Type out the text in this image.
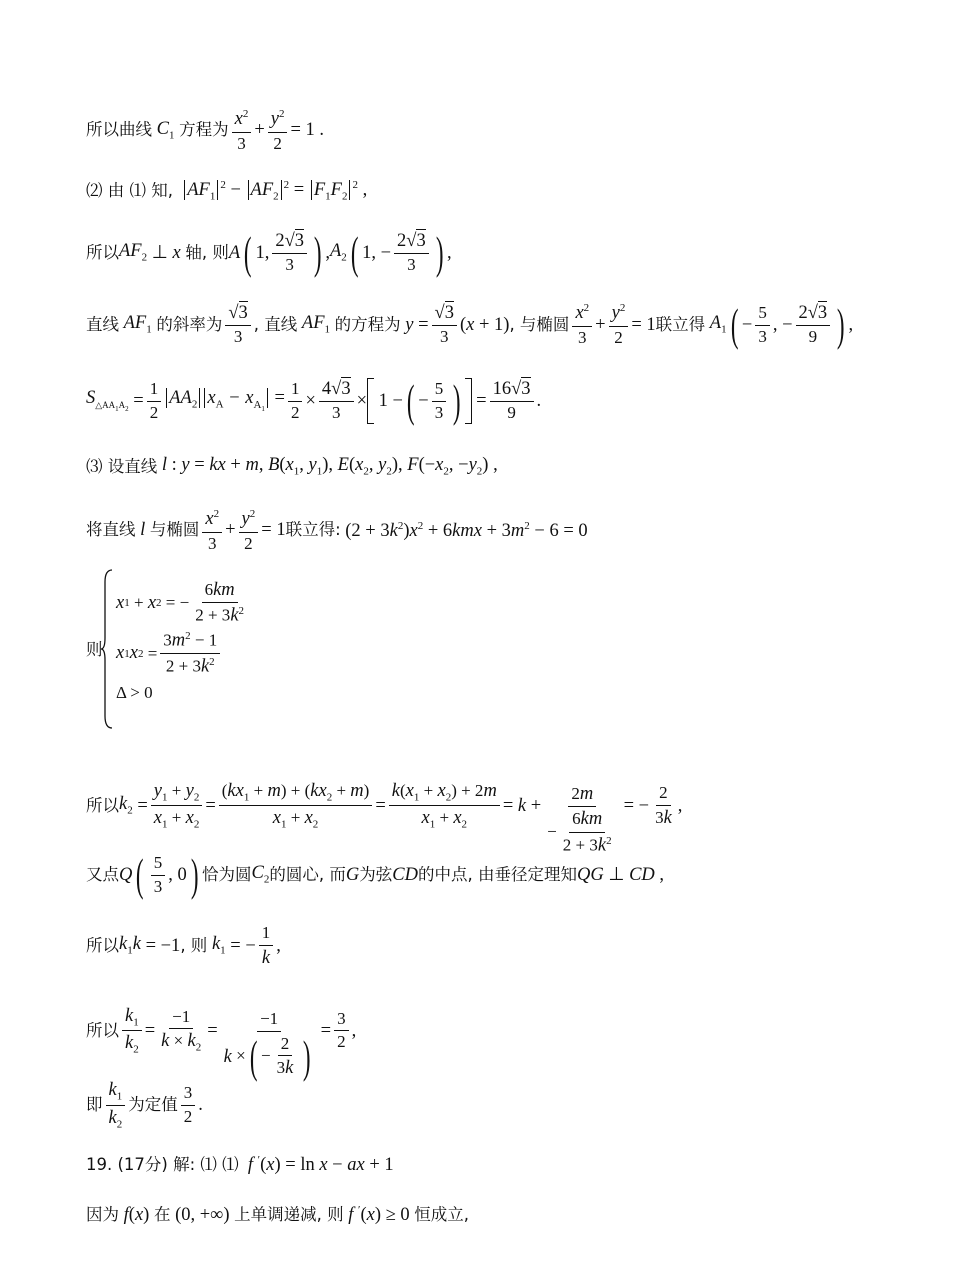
所以曲线 $C_1$ 方程为 $\frac{x^2}{3} + \frac{y^2}{2} = 1$ .
⑵ 由 ⑴ 知, $AF_1^2 - AF_2^2 = F_1F_2^2$ ,
所以 $AF_2$ ⊥ x 轴, 则 A ( 1, $\frac{2√3}{3}$ ) , $A_2$ ( 1, − $\frac{2√3}{3}$ ) ,
直线 $AF_1$ 的斜率为 $\frac{√3}{3}$ , 直线 $AF_1$ 的方程为 $y = \frac{√3}{3} (x + 1)$ , 与椭圆 $\frac{x^2}{3} + \frac{y^2}{2} = 1$ 联立得 $A_1$ ( − $\frac{5}{3}$ , − $\frac{2√3}{9}$ ) ,
$S_{\triangle AA_1A_2} = \frac{1}{2} AA_2$ $x_A - x_{A_1} = \frac{1}{2} \times \frac{4√3}{3} \times 1$ − ( − $\frac{5}{3}$ ) = $\frac{16√3}{9}$ .
⑶ 设直线 l : y = kx + m, $B(x_1$, $y_1$), $E(x_2$, $y_2$), $F(-x_2$, $-y_2$) ,
将直线 l 与椭圆 $\frac{x^2}{3} + \frac{y^2}{2} = 1$ 联立得: $(2 + 3k^2)x^2 + 6kmx + 3m^2 - 6 = 0$
则
x 1 + x 2 = − $\frac{6km}{2 + 3k^2}$
x 1 x $2 = \frac{3m^2 - 1}{2 + 3k^2}$
Δ > 0
所以 $k_2 = \frac{y_1 + y_2}{x_1 + x_2} = \frac{(kx_1 + m) + (kx_2 + m)}{x_1 + x_2} = \frac{k(x_1 + x_2) + 2m}{x_1 + x_2} = k + \frac{2m}{- \frac{6km}{2 + 3k^2}}$ = − $\frac{2}{3k}$ ,
又点 Q ( $\frac{5}{3}$ , 0 ) 恰为圆 $C_2$ 的圆心, 而 G 为弦 CD 的中点, 由垂径定理知 QG ⊥ CD ,
所以 $k_1k = -1$ , 则 $k_1$ = − $\frac{1}{k}$ ,
所以 $\frac{k_1}{k_2} = \frac{-1}{k \times k_2} = \frac{-1}{k \times ( - \frac{2}{3k} )} = \frac{3}{2}$ ,
即 $\frac{k_1}{k_2}$ 为定值 $\frac{3}{2}$ .
19. (17分) 解: ⑴ ⑴ f ′(x) = ln x − ax + 1
因为 f(x) 在 (0, +∞) 上单调递减, 则 f ′(x) ≥ 0 恒成立,
